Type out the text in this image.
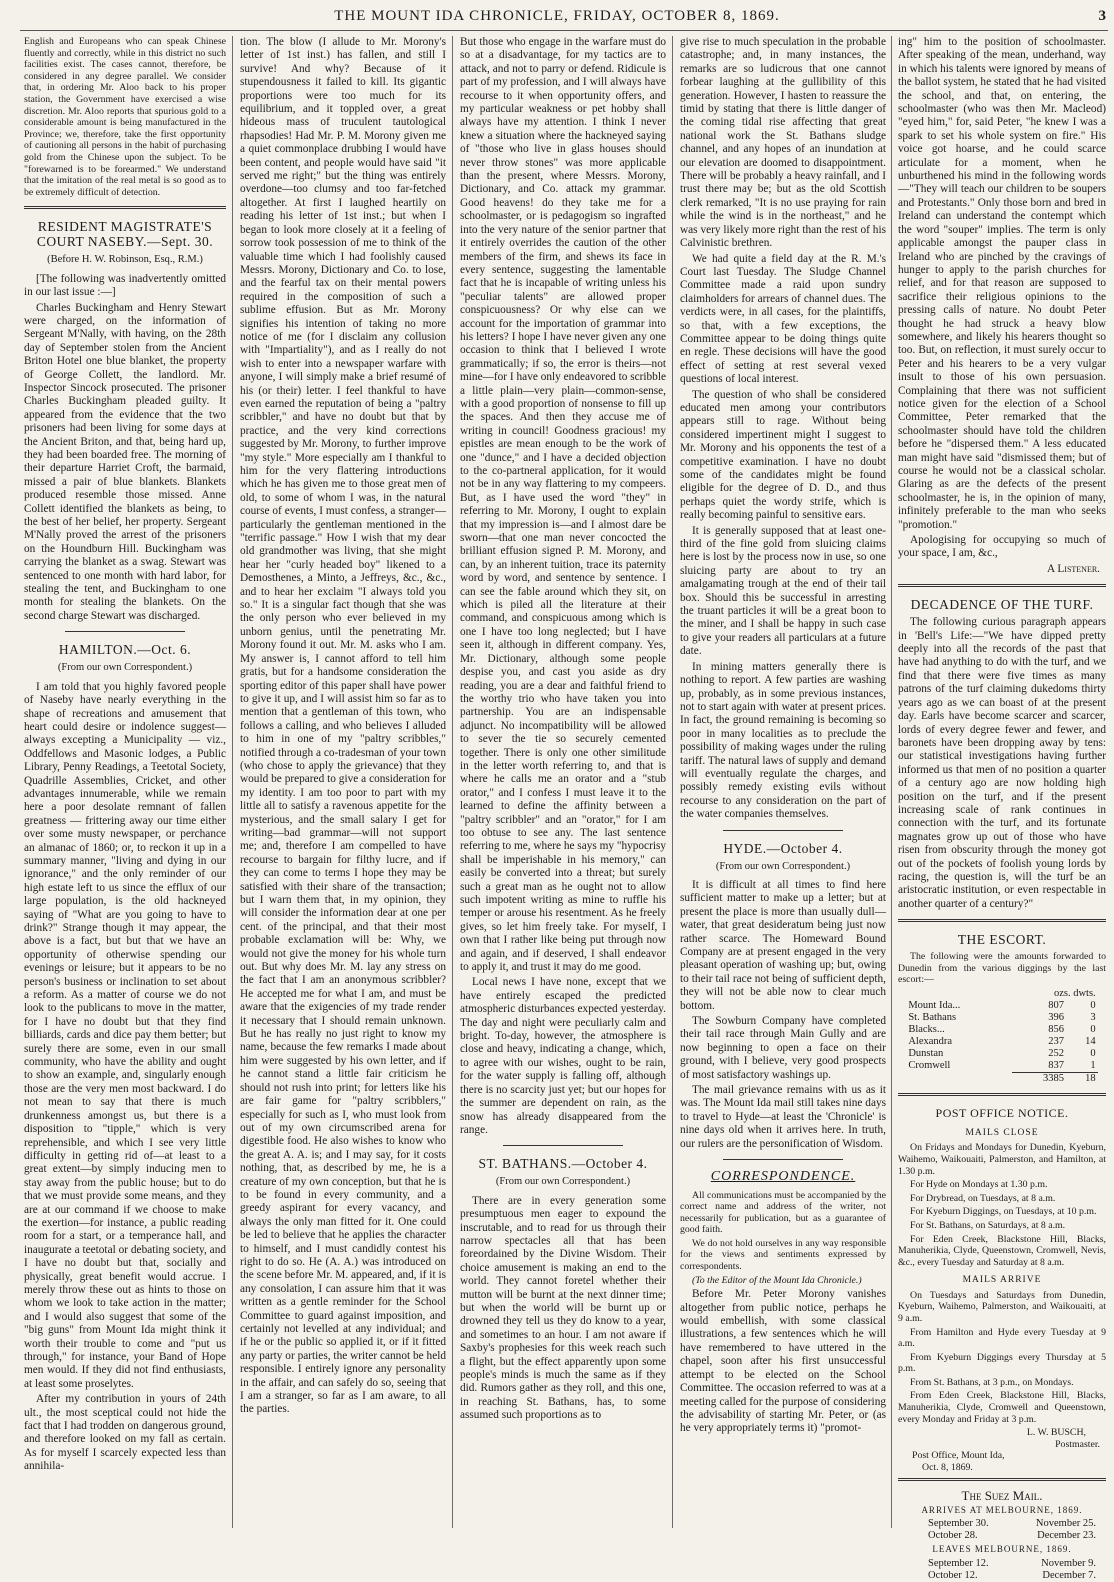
THE MOUNT IDA CHRONICLE, FRIDAY, OCTOBER 8, 1869.	3

English and Europeans who can speak Chinese fluently and correctly, while in this district no such facilities exist. The cases cannot, therefore, be considered in any degree parallel. We consider that, in ordering Mr. Aloo back to his proper station, the Government have exercised a wise discretion. Mr. Aloo reports that spurious gold to a considerable amount is being manufactured in the Province; we, therefore, take the first opportunity of cautioning all persons in the habit of purchasing gold from the Chinese upon the subject. To be "forewarned is to be forearmed." We understand that the imitation of the real metal is so good as to be extremely difficult of detection.

RESIDENT MAGISTRATE'S COURT NASEBY.—Sept. 30.
(Before H. W. Robinson, Esq., R.M.)

[The following was inadvertently omitted in our last issue :—]

Charles Buckingham and Henry Stewart were charged, on the information of Sergeant M'Nally, with having, on the 28th day of September stolen from the Ancient Briton Hotel one blue blanket, the property of George Collett, the landlord. Mr. Inspector Sincock prosecuted. The prisoner Charles Buckingham pleaded guilty. It appeared from the evidence that the two prisoners had been living for some days at the Ancient Briton, and that, being hard up, they had been boarded free. The morning of their departure Harriet Croft, the barmaid, missed a pair of blue blankets. Blankets produced resemble those missed. Anne Collett identified the blankets as being, to the best of her belief, her property. Sergeant M'Nally proved the arrest of the prisoners on the Houndburn Hill. Buckingham was carrying the blanket as a swag. Stewart was sentenced to one month with hard labor, for stealing the tent, and Buckingham to one month for stealing the blankets. On the second charge Stewart was discharged.

HAMILTON.—Oct. 6.
(From our own Correspondent.)

I am told that you highly favored people of Naseby have nearly everything in the shape of recreations and amusement that heart could desire or indolence suggest—always excepting a Municipality — viz., Oddfellows and Masonic lodges, a Public Library, Penny Readings, a Teetotal Society, Quadrille Assemblies, Cricket, and other advantages innumerable, while we remain here a poor desolate remnant of fallen greatness — frittering away our time either over some musty newspaper, or perchance an almanac of 1860; or, to reckon it up in a summary manner, "living and dying in our ignorance," and the only reminder of our high estate left to us since the efflux of our large population, is the old hackneyed saying of "What are you going to have to drink?" Strange though it may appear, the above is a fact, but but that we have an opportunity of otherwise spending our evenings or leisure; but it appears to be no person's business or inclination to set about a reform. As a matter of course we do not look to the publicans to move in the matter, for I have no doubt but that they find billiards, cards and dice pay them better; but surely there are some, even in our small community, who have the ability and ought to show an example, and, singularly enough those are the very men most backward. I do not mean to say that there is much drunkenness amongst us, but there is a disposition to "tipple," which is very reprehensible, and which I see very little difficulty in getting rid of—at least to a great extent—by simply inducing men to stay away from the public house; but to do that we must provide some means, and they are at our command if we choose to make the exertion—for instance, a public reading room for a start, or a temperance hall, and inaugurate a teetotal or debating society, and I have no doubt but that, socially and physically, great benefit would accrue. I merely throw these out as hints to those on whom we look to take action in the matter; and I would also suggest that some of the "big guns" from Mount Ida might think it worth their trouble to come and "put us through," for instance, your Band of Hope men would. If they did not find enthusiasts, at least some proselytes.

After my contribution in yours of 24th ult., the most sceptical could not hide the fact that I had trodden on dangerous ground, and therefore looked on my fall as certain. As for myself I scarcely expected less than annihila-

tion. The blow (I allude to Mr. Morony's letter of 1st inst.) has fallen, and still I survive! And why? Because of it stupendousness it failed to kill. Its gigantic proportions were too much for its equilibrium, and it toppled over, a great hideous mass of truculent tautological rhapsodies! Had Mr. P. M. Morony given me a quiet commonplace drubbing I would have been content, and people would have said "it served me right;" but the thing was entirely overdone—too clumsy and too far-fetched altogether. At first I laughed heartily on reading his letter of 1st inst.; but when I began to look more closely at it a feeling of sorrow took possession of me to think of the valuable time which I had foolishly caused Messrs. Morony, Dictionary and Co. to lose, and the fearful tax on their mental powers required in the composition of such a sublime effusion. But as Mr. Morony signifies his intention of taking no more notice of me (for I disclaim any collusion with "Impartiality"), and as I really do not wish to enter into a newspaper warfare with anyone, I will simply make a brief resumé of his (or their) letter. I feel thankful to have even earned the reputation of being a "paltry scribbler," and have no doubt but that by practice, and the very kind corrections suggested by Mr. Morony, to further improve "my style." More especially am I thankful to him for the very flattering introductions which he has given me to those great men of old, to some of whom I was, in the natural course of events, I must confess, a stranger—particularly the gentleman mentioned in the "terrific passage." How I wish that my dear old grandmother was living, that she might hear her "curly headed boy" likened to a Demosthenes, a Minto, a Jeffreys, &c., &c., and to hear her exclaim "I always told you so." It is a singular fact though that she was the only person who ever believed in my unborn genius, until the penetrating Mr. Morony found it out. Mr. M. asks who I am. My answer is, I cannot afford to tell him gratis, but for a handsome consideration the sporting editor of this paper shall have power to give it up, and I will assist him so far as to mention that a gentleman of this town, who follows a calling, and who believes I alluded to him in one of my "paltry scribbles," notified through a co-tradesman of your town (who chose to apply the grievance) that they would be prepared to give a consideration for my identity. I am too poor to part with my little all to satisfy a ravenous appetite for the mysterious, and the small salary I get for writing—bad grammar—will not support me; and, therefore I am compelled to have recourse to bargain for filthy lucre, and if they can come to terms I hope they may be satisfied with their share of the transaction; but I warn them that, in my opinion, they will consider the information dear at one per cent. of the principal, and that their most probable exclamation will be: Why, we would not give the money for his whole turn out. But why does Mr. M. lay any stress on the fact that I am an anonymous scribbler? He accepted me for what I am, and must be aware that the exigencies of my trade render it necessary that I should remain unknown. But he has really no just right to know my name, because the few remarks I made about him were suggested by his own letter, and if he cannot stand a little fair criticism he should not rush into print; for letters like his are fair game for "paltry scribblers," especially for such as I, who must look from out of my own circumscribed arena for digestible food. He also wishes to know who the great A. A. is; and I may say, for it costs nothing, that, as described by me, he is a creature of my own conception, but that he is to be found in every community, and a greedy aspirant for every vacancy, and always the only man fitted for it. One could be led to believe that he applies the character to himself, and I must candidly contest his right to do so. He (A. A.) was introduced on the scene before Mr. M. appeared, and, if it is any consolation, I can assure him that it was written as a gentle reminder for the School Committee to guard against imposition, and certainly not levelled at any individual; and if he or the public so applied it, or if it fitted any party or parties, the writer cannot be held responsible. I entirely ignore any personality in the affair, and can safely do so, seeing that I am a stranger, so far as I am aware, to all the parties.

But those who engage in the warfare must do so at a disadvantage, for my tactics are to attack, and not to parry or defend. Ridicule is part of my profession, and I will always have recourse to it when opportunity offers, and my particular weakness or pet hobby shall always have my attention. I think I never knew a situation where the hackneyed saying of "those who live in glass houses should never throw stones" was more applicable than the present, where Messrs. Morony, Dictionary, and Co. attack my grammar. Good heavens! do they take me for a schoolmaster, or is pedagogism so ingrafted into the very nature of the senior partner that it entirely overrides the caution of the other members of the firm, and shews its face in every sentence, suggesting the lamentable fact that he is incapable of writing unless his "peculiar talents" are allowed proper conspicuousness? Or why else can we account for the importation of grammar into his letters? I hope I have never given any one occasion to think that I believed I wrote grammatically; if so, the error is theirs—not mine—for I have only endeavored to scribble a little plain—very plain—common-sense, with a good proportion of nonsense to fill up the spaces. And then they accuse me of writing in council! Goodness gracious! my epistles are mean enough to be the work of one "dunce," and I have a decided objection to the co-partneral application, for it would not be in any way flattering to my compeers. But, as I have used the word "they" in referring to Mr. Morony, I ought to explain that my impression is—and I almost dare be sworn—that one man never concocted the brilliant effusion signed P. M. Morony, and can, by an inherent tuition, trace its paternity word by word, and sentence by sentence. I can see the fable around which they sit, on which is piled all the literature at their command, and conspicuous among which is one I have too long neglected; but I have seen it, although in different company. Yes, Mr. Dictionary, although some people despise you, and cast you aside as dry reading, you are a dear and faithful friend to the worthy trio who have taken you into partnership. You are an indispensable adjunct. No incompatibility will be allowed to sever the tie so securely cemented together. There is only one other similitude in the letter worth referring to, and that is where he calls me an orator and a "stub orator," and I confess I must leave it to the learned to define the affinity between a "paltry scribbler" and an "orator," for I am too obtuse to see any. The last sentence referring to me, where he says my "hypocrisy shall be imperishable in his memory," can easily be converted into a threat; but surely such a great man as he ought not to allow such impotent writing as mine to ruffle his temper or arouse his resentment. As he freely gives, so let him freely take. For myself, I own that I rather like being put through now and again, and if deserved, I shall endeavor to apply it, and trust it may do me good.

Local news I have none, except that we have entirely escaped the predicted atmospheric disturbances expected yesterday. The day and night were peculiarly calm and bright. To-day, however, the atmosphere is close and heavy, indicating a change, which, to agree with our wishes, ought to be rain, for the water supply is falling off, although there is no scarcity just yet; but our hopes for the summer are dependent on rain, as the snow has already disappeared from the range.

ST. BATHANS.—October 4.
(From our own Correspondent.)

There are in every generation some presumptuous men eager to expound the inscrutable, and to read for us through their narrow spectacles all that has been foreordained by the Divine Wisdom. Their choice amusement is making an end to the world. They cannot foretel whether their mutton will be burnt at the next dinner time; but when the world will be burnt up or drowned they tell us they do know to a year, and sometimes to an hour. I am not aware if Saxby's prophesies for this week reach such a flight, but the effect apparently upon some people's minds is much the same as if they did. Rumors gather as they roll, and this one, in reaching St. Bathans, has, to some assumed such proportions as to

give rise to much speculation in the probable catastrophe; and, in many instances, the remarks are so ludicrous that one cannot forbear laughing at the gullibility of this generation. However, I hasten to reassure the timid by stating that there is little danger of the coming tidal rise affecting that great national work the St. Bathans sludge channel, and any hopes of an inundation at our elevation are doomed to disappointment. There will be probably a heavy rainfall, and I trust there may be; but as the old Scottish clerk remarked, "It is no use praying for rain while the wind is in the northeast," and he was very likely more right than the rest of his Calvinistic brethren.

We had quite a field day at the R. M.'s Court last Tuesday. The Sludge Channel Committee made a raid upon sundry claimholders for arrears of channel dues. The verdicts were, in all cases, for the plaintiffs, so that, with a few exceptions, the Committee appear to be doing things quite en regle. These decisions will have the good effect of setting at rest several vexed questions of local interest.

The question of who shall be considered educated men among your contributors appears still to rage. Without being considered impertinent might I suggest to Mr. Morony and his opponents the test of a competitive examination. I have no doubt some of the candidates might be found eligible for the degree of D. D., and thus perhaps quiet the wordy strife, which is really becoming painful to sensitive ears.

It is generally supposed that at least one-third of the fine gold from sluicing claims here is lost by the process now in use, so one sluicing party are about to try an amalgamating trough at the end of their tail box. Should this be successful in arresting the truant particles it will be a great boon to the miner, and I shall be happy in such case to give your readers all particulars at a future date.

In mining matters generally there is nothing to report. A few parties are washing up, probably, as in some previous instances, not to start again with water at present prices. In fact, the ground remaining is becoming so poor in many localities as to preclude the possibility of making wages under the ruling tariff. The natural laws of supply and demand will eventually regulate the charges, and possibly remedy existing evils without recourse to any consideration on the part of the water companies themselves.

HYDE.—October 4.
(From our own Correspondent.)

It is difficult at all times to find here sufficient matter to make up a letter; but at present the place is more than usually dull—water, that great desideratum being just now rather scarce. The Homeward Bound Company are at present engaged in the very pleasant operation of washing up; but, owing to their tail race not being of sufficient depth, they will not be able now to clear much bottom.

The Sowburn Company have completed their tail race through Main Gully and are now beginning to open a face on their ground, with I believe, very good prospects of most satisfactory washings up.

The mail grievance remains with us as it was. The Mount Ida mail still takes nine days to travel to Hyde—at least the 'Chronicle' is nine days old when it arrives here. In truth, our rulers are the personification of Wisdom.

CORRESPONDENCE.

All communications must be accompanied by the correct name and address of the writer, not necessarily for publication, but as a guarantee of good faith.

We do not hold ourselves in any way responsible for the views and sentiments expressed by correspondents.

(To the Editor of the Mount Ida Chronicle.)

Before Mr. Peter Morony vanishes altogether from public notice, perhaps he would embellish, with some classical illustrations, a few sentences which he will have remembered to have uttered in the chapel, soon after his first unsuccessful attempt to be elected on the School Committee. The occasion referred to was at a meeting called for the purpose of considering the advisability of starting Mr. Peter, or (as he very appropriately terms it) "promot-

ing" him to the position of schoolmaster. After speaking of the mean, underhand, way in which his talents were ignored by means of the ballot system, he stated that he had visited the school, and that, on entering, the schoolmaster (who was then Mr. Macleod) "eyed him," for, said Peter, "he knew I was a spark to set his whole system on fire." His voice got hoarse, and he could scarce articulate for a moment, when he unburthened his mind in the following words—"They will teach our children to be soupers and Protestants." Only those born and bred in Ireland can understand the contempt which the word "souper" implies. The term is only applicable amongst the pauper class in Ireland who are pinched by the cravings of hunger to apply to the parish churches for relief, and for that reason are supposed to sacrifice their religious opinions to the pressing calls of nature. No doubt Peter thought he had struck a heavy blow somewhere, and likely his hearers thought so too. But, on reflection, it must surely occur to Peter and his hearers to be a very vulgar insult to those of his own persuasion. Complaining that there was not sufficient notice given for the election of a School Committee, Peter remarked that the schoolmaster should have told the children before he "dispersed them." A less educated man might have said "dismissed them; but of course he would not be a classical scholar. Glaring as are the defects of the present schoolmaster, he is, in the opinion of many, infinitely preferable to the man who seeks "promotion."

Apologising for occupying so much of your space, I am, &c.,

A Listener.
DECADENCE OF THE TURF.

The following curious paragraph appears in 'Bell's Life:—"We have dipped pretty deeply into all the records of the past that have had anything to do with the turf, and we find that there were five times as many patrons of the turf claiming dukedoms thirty years ago as we can boast of at the present day. Earls have become scarcer and scarcer, lords of every degree fewer and fewer, and baronets have been dropping away by tens: our statistical investigations having further informed us that men of no position a quarter of a century ago are now holding high position on the turf, and if the present increasing scale of rank continues in connection with the turf, and its fortunate magnates grow up out of those who have risen from obscurity through the money got out of the pockets of foolish young lords by racing, the question is, will the turf be an aristocratic institution, or even respectable in another quarter of a century?"

THE ESCORT.

The following were the amounts forwarded to Dunedin from the various diggings by the last escort:—

	ozs. dwts.	
Mount Ida...	807	0
St. Bathans	396	3
Blacks...	856	0
Alexandra	237	14
Dunstan	252	0
Cromwell	837	1
	3385	18
POST OFFICE NOTICE.
MAILS CLOSE

On Fridays and Mondays for Dunedin, Kyeburn, Waihemo, Waikouaiti, Palmerston, and Hamilton, at 1.30 p.m.

For Hyde on Mondays at 1.30 p.m.

For Drybread, on Tuesdays, at 8 a.m.

For Kyeburn Diggings, on Tuesdays, at 10 p.m.

For St. Bathans, on Saturdays, at 8 a.m.

For Eden Creek, Blackstone Hill, Blacks, Manuherikia, Clyde, Queenstown, Cromwell, Nevis, &c., every Tuesday and Saturday at 8 a.m.

MAILS ARRIVE

On Tuesdays and Saturdays from Dunedin, Kyeburn, Waihemo, Palmerston, and Waikouaiti, at 9 a.m.

From Hamilton and Hyde every Tuesday at 9 a.m.

From Kyeburn Diggings every Thursday at 5 p.m.

From St. Bathans, at 3 p.m., on Mondays.

From Eden Creek, Blackstone Hill, Blacks, Manuherikia, Clyde, Cromwell and Queenstown, every Monday and Friday at 3 p.m.

L. W. BUSCH,
Postmaster.
Post Office, Mount Ida,
Oct. 8, 1869.
The Suez Mail.
ARRIVES AT MELBOURNE, 1869.
September 30.	November 25.
October 28.	December 23.
LEAVES MELBOURNE, 1869.
September 12.	November 9.
October 12.	December 7.
